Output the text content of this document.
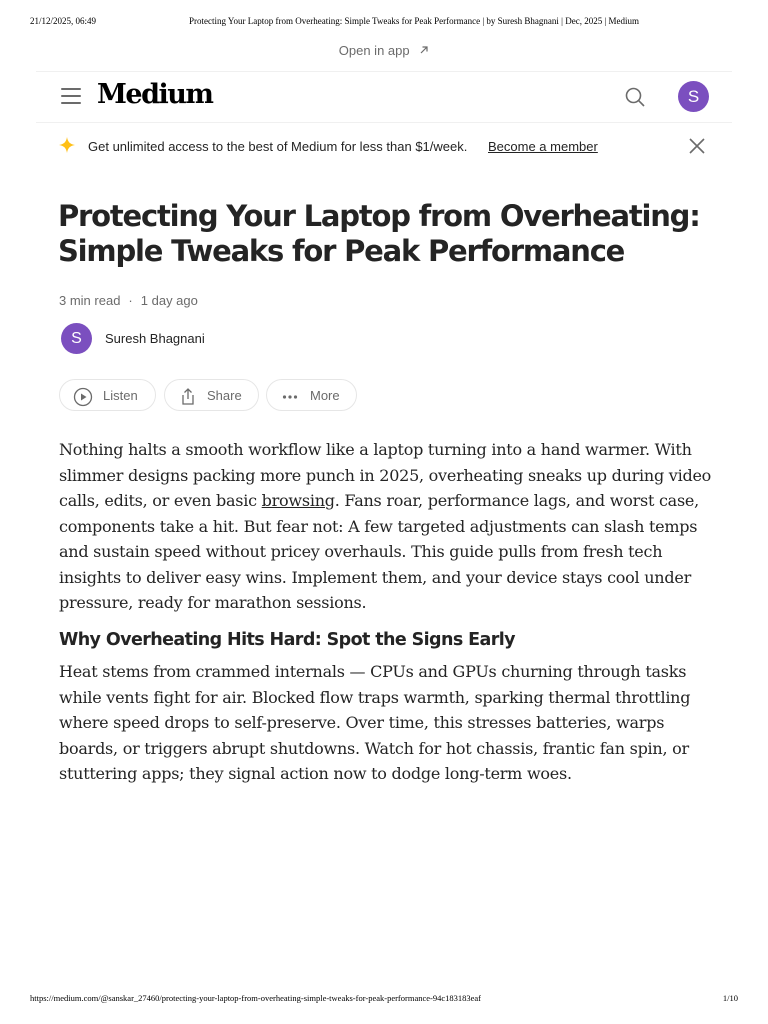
21/12/2025, 06:49	Protecting Your Laptop from Overheating: Simple Tweaks for Peak Performance | by Suresh Bhagnani | Dec, 2025 | Medium
Open in app
Medium	S
Get unlimited access to the best of Medium for less than $1/week. Become a member
Protecting Your Laptop from Overheating: Simple Tweaks for Peak Performance
3 min read · 1 day ago
S	Suresh Bhagnani
Listen	Share	More

Nothing halts a smooth workflow like a laptop turning into a hand warmer. With slimmer designs packing more punch in 2025, overheating sneaks up during video calls, edits, or even basic browsing. Fans roar, performance lags, and worst case, components take a hit. But fear not: A few targeted adjustments can slash temps and sustain speed without pricey overhauls. This guide pulls from fresh tech insights to deliver easy wins. Implement them, and your device stays cool under pressure, ready for marathon sessions.

Why Overheating Hits Hard: Spot the Signs Early

Heat stems from crammed internals — CPUs and GPUs churning through tasks while vents fight for air. Blocked flow traps warmth, sparking thermal throttling where speed drops to self-preserve. Over time, this stresses batteries, warps boards, or triggers abrupt shutdowns. Watch for hot chassis, frantic fan spin, or stuttering apps; they signal action now to dodge long-term woes.

https://medium.com/@sanskar_27460/protecting-your-laptop-from-overheating-simple-tweaks-for-peak-performance-94c183183eaf	1/10
